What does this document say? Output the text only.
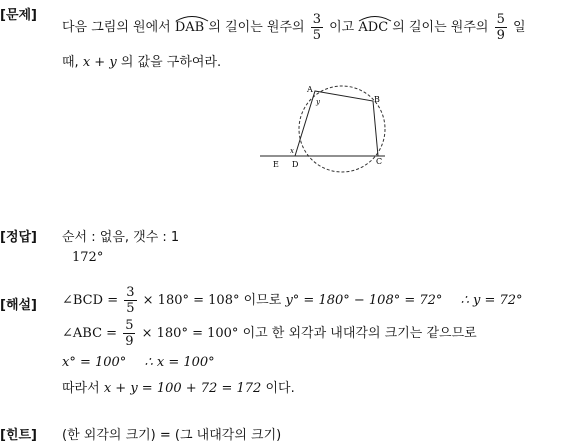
[문제]
다음 그림의 원에서 DAB 의 길이는 원주의 $\frac{3}{5}$ 이고 ADC 의 길이는 원주의 $\frac{5}{9}$ 일
때, x + y 의 값을 구하여라.
A
B
C
D
E
x
y
[정답] 순서 : 없음, 갯수 : 1
172°
[해설] ∠BCD = $\frac{3}{5} \times 180^\circ = 108^\circ$ 이므로 y° = 180° − 108° = 72° ∴ y = 72°
∠ABC = $\frac{5}{9} \times 180^\circ = 100^\circ$ 이고 한 외각과 내대각의 크기는 같으므로
x° = 100° ∴ x = 100°
따라서 x + y = 100 + 72 = 172 이다.
[힌트] (한 외각의 크기) = (그 내대각의 크기)
